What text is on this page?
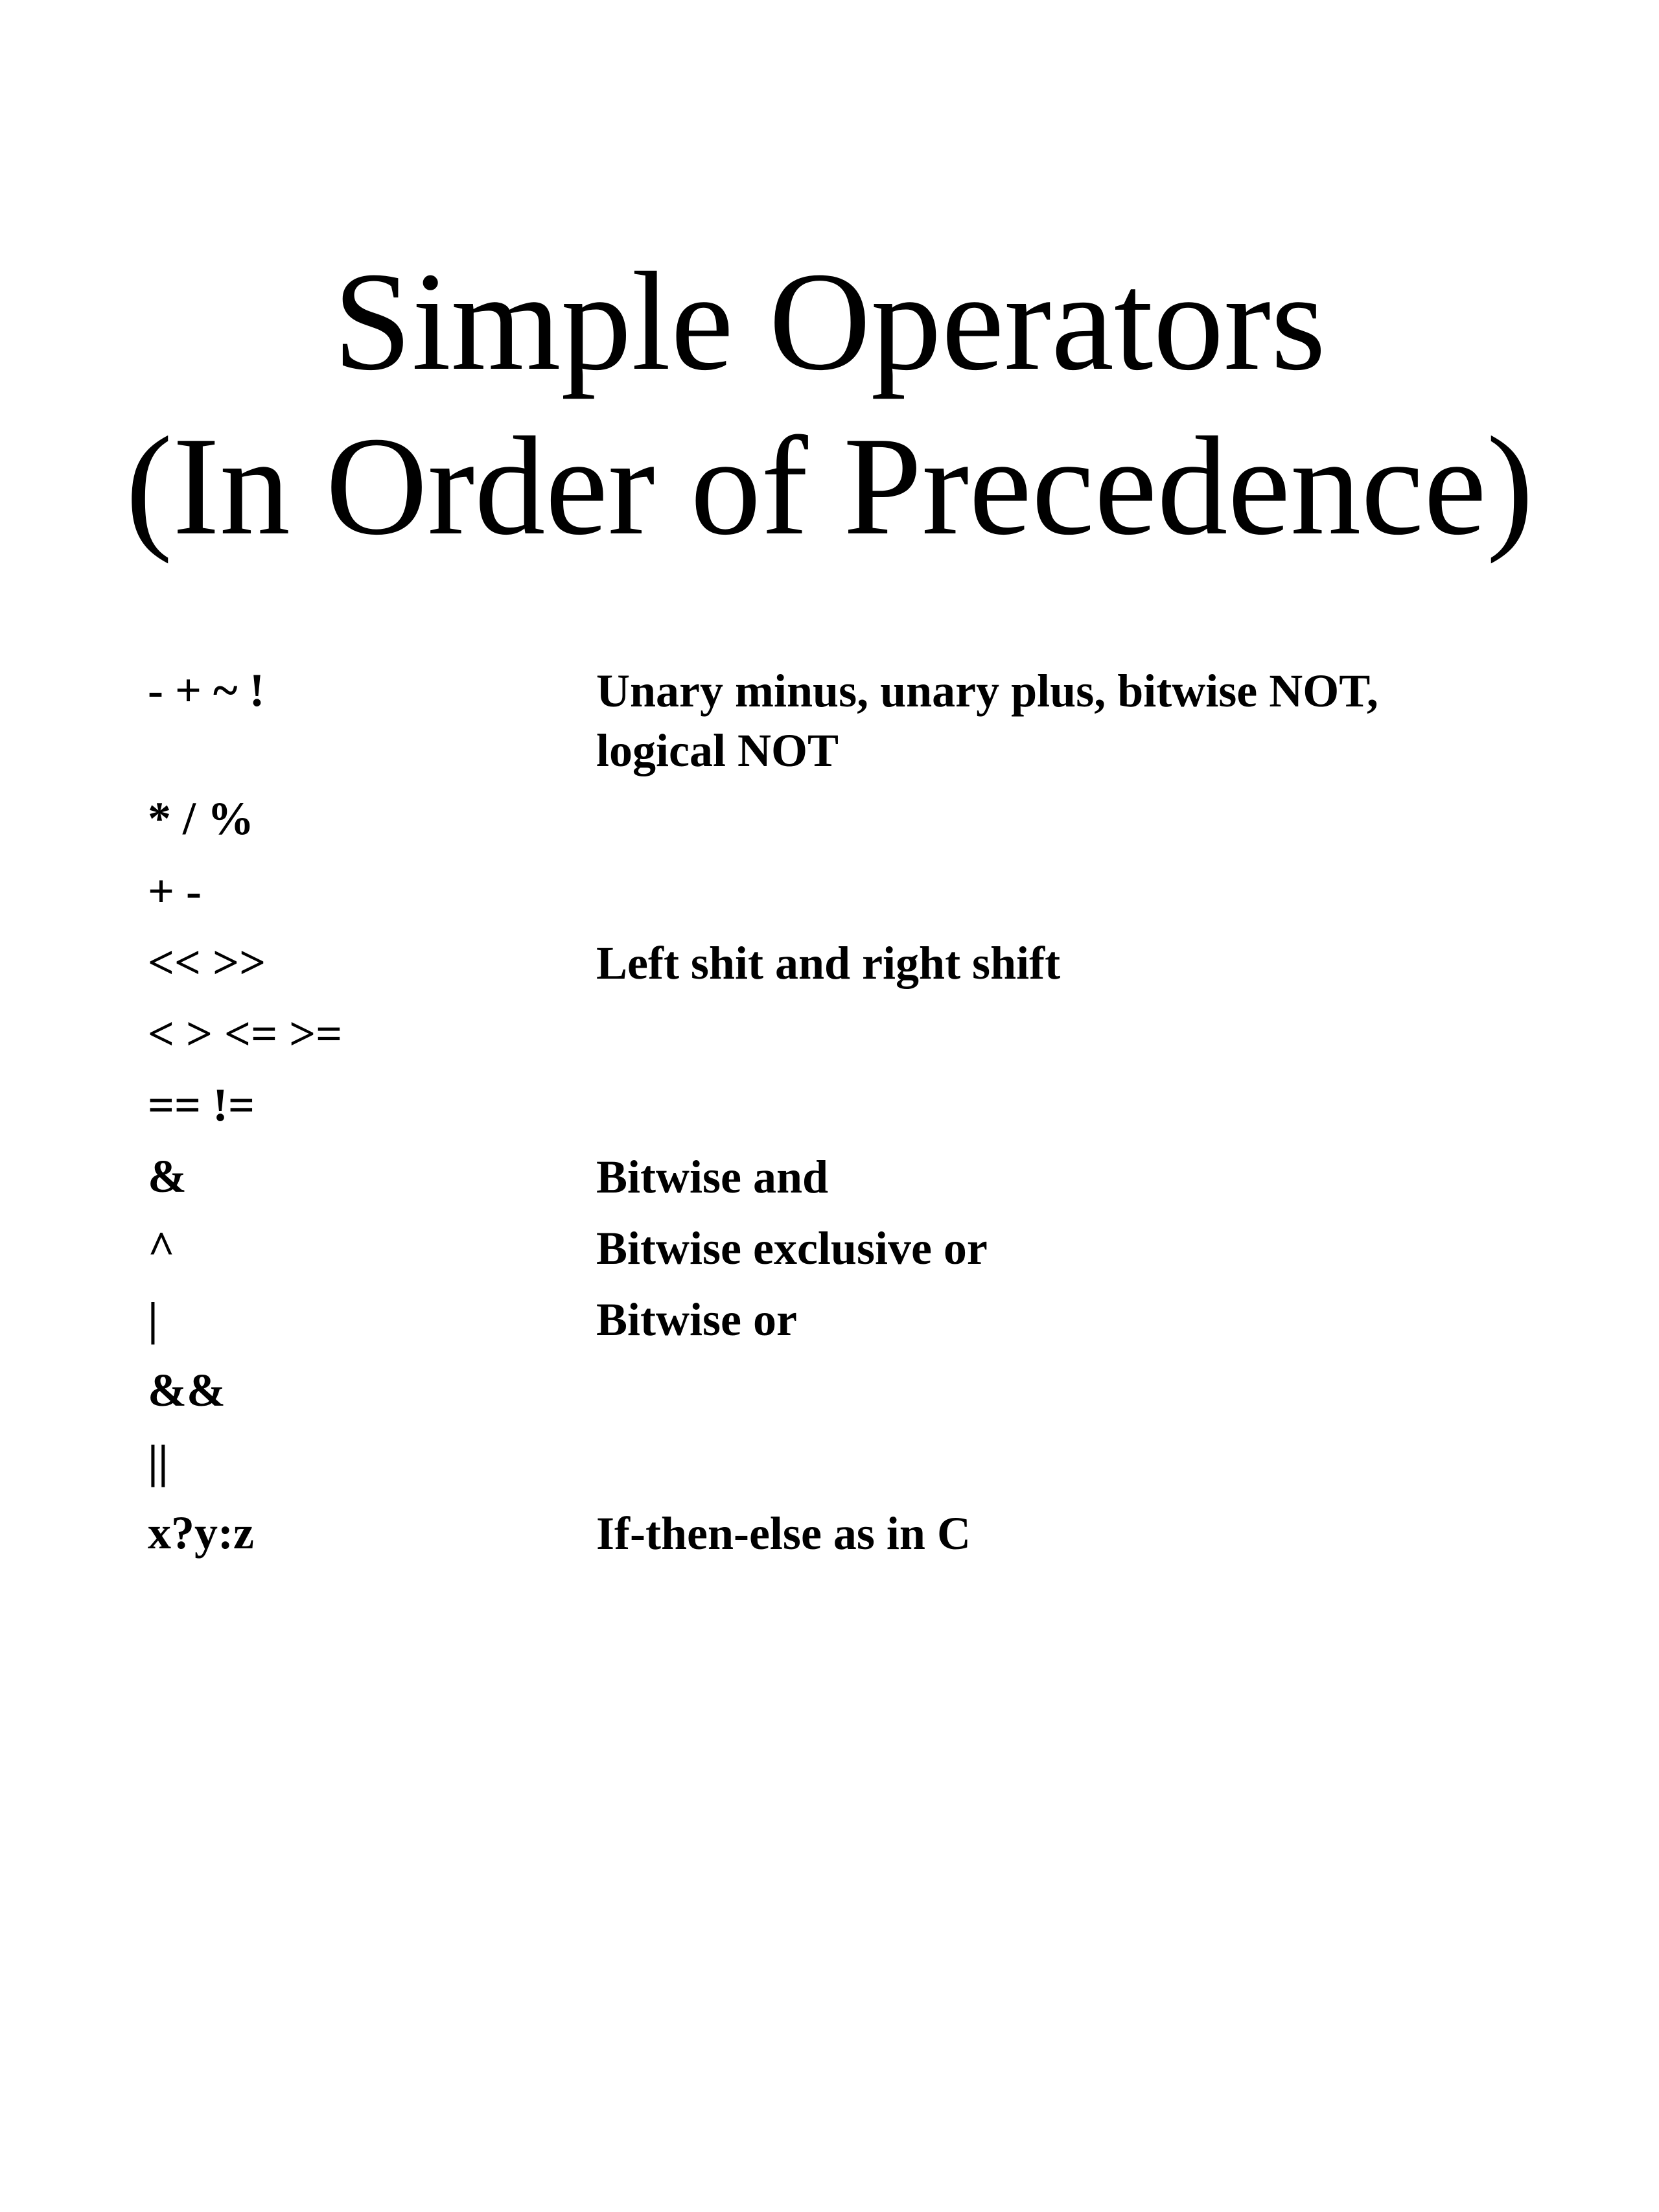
Simple Operators
(In Order of Precedence)
- + ~ !	Unary minus, unary plus, bitwise NOT,
logical NOT
* / %
+ -
<< >>	Left shit and right shift
< > <= >=
== !=
&	Bitwise and
^	Bitwise exclusive or
|	Bitwise or
&&
||
x?y:z	If-then-else as in C
